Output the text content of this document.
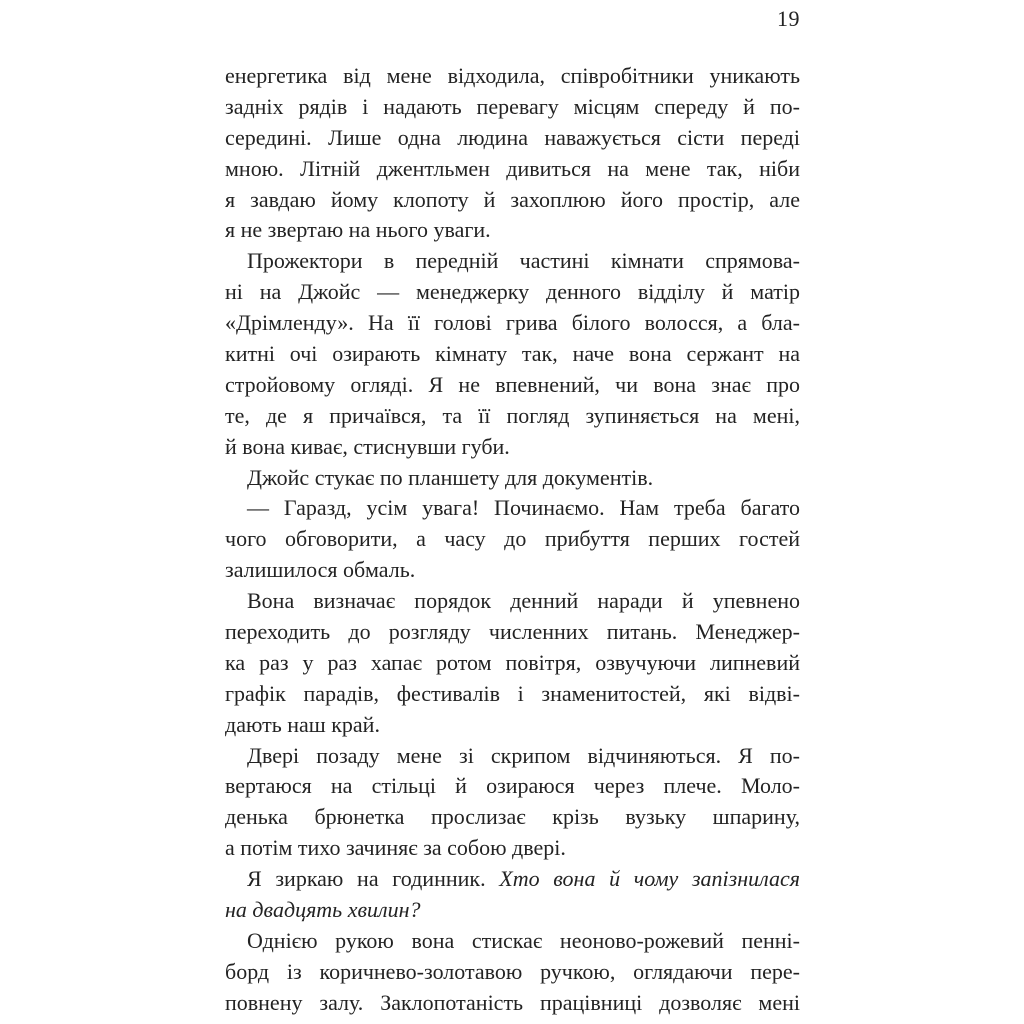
19
енергетика від мене відходила, співробітники уникають
задніх рядів і надають перевагу місцям спереду й по-
середині. Лише одна людина наважується сісти переді
мною. Літній джентльмен дивиться на мене так, ніби
я завдаю йому клопоту й захоплюю його простір, але
я не звертаю на нього уваги.
Прожектори в передній частині кімнати спрямова-
ні на Джойс — менеджерку денного відділу й матір
«Дрімленду». На її голові грива білого волосся, а бла-
китні очі озирають кімнату так, наче вона сержант на
стройовому огляді. Я не впевнений, чи вона знає про
те, де я причаївся, та її погляд зупиняється на мені,
й вона киває, стиснувши губи.
Джойс стукає по планшету для документів.
— Гаразд, усім увага! Починаємо. Нам треба багато
чого обговорити, а часу до прибуття перших гостей
залишилося обмаль.
Вона визначає порядок денний наради й упевнено
переходить до розгляду численних питань. Менеджер-
ка раз у раз хапає ротом повітря, озвучуючи липневий
графік парадів, фестивалів і знаменитостей, які відві-
дають наш край.
Двері позаду мене зі скрипом відчиняються. Я по-
вертаюся на стільці й озираюся через плече. Моло-
денька брюнетка прослизає крізь вузьку шпарину,
а потім тихо зачиняє за собою двері.
Я зиркаю на годинник. Хто вона й чому запізнилася
на двадцять хвилин?
Однією рукою вона стискає неоново-рожевий пенні-
борд із коричнево-золотавою ручкою, оглядаючи пере-
повнену залу. Заклопотаність працівниці дозволяє мені
